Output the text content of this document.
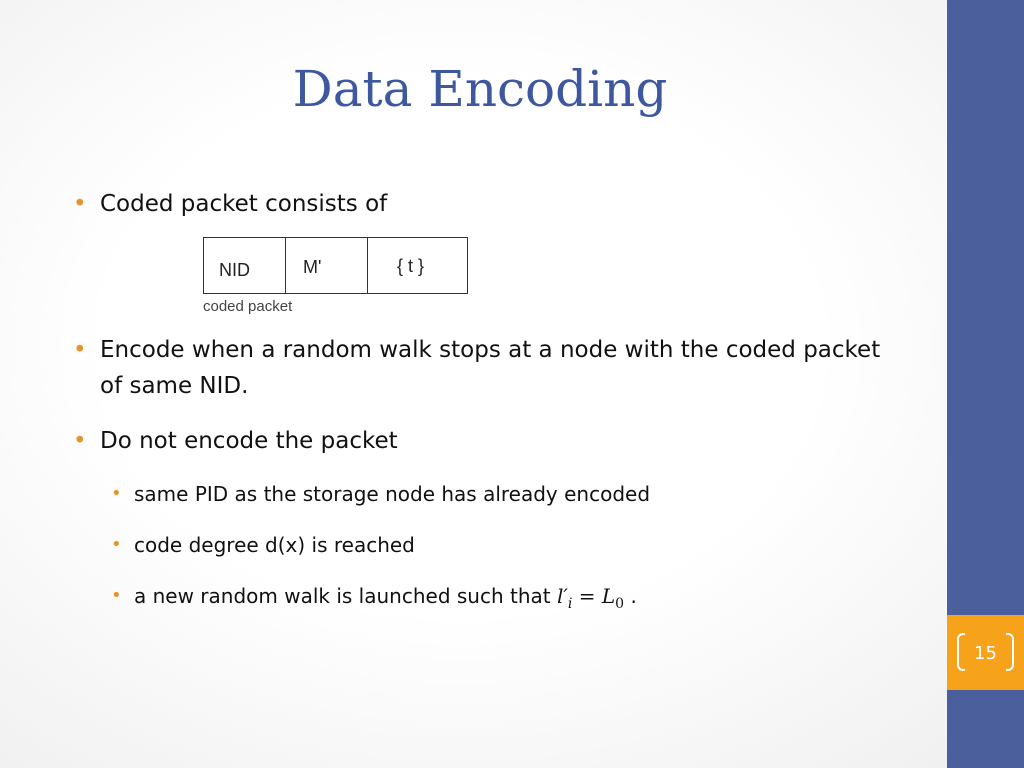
Data Encoding
• Coded packet consists of
NID	M'	{ t }
coded packet
• Encode when a random walk stops at a node with the coded packet of same NID.
• Do not encode the packet
• same PID as the storage node has already encoded
• code degree d(x) is reached
• a new random walk is launched such that $l'_i = L_0$ .
15
